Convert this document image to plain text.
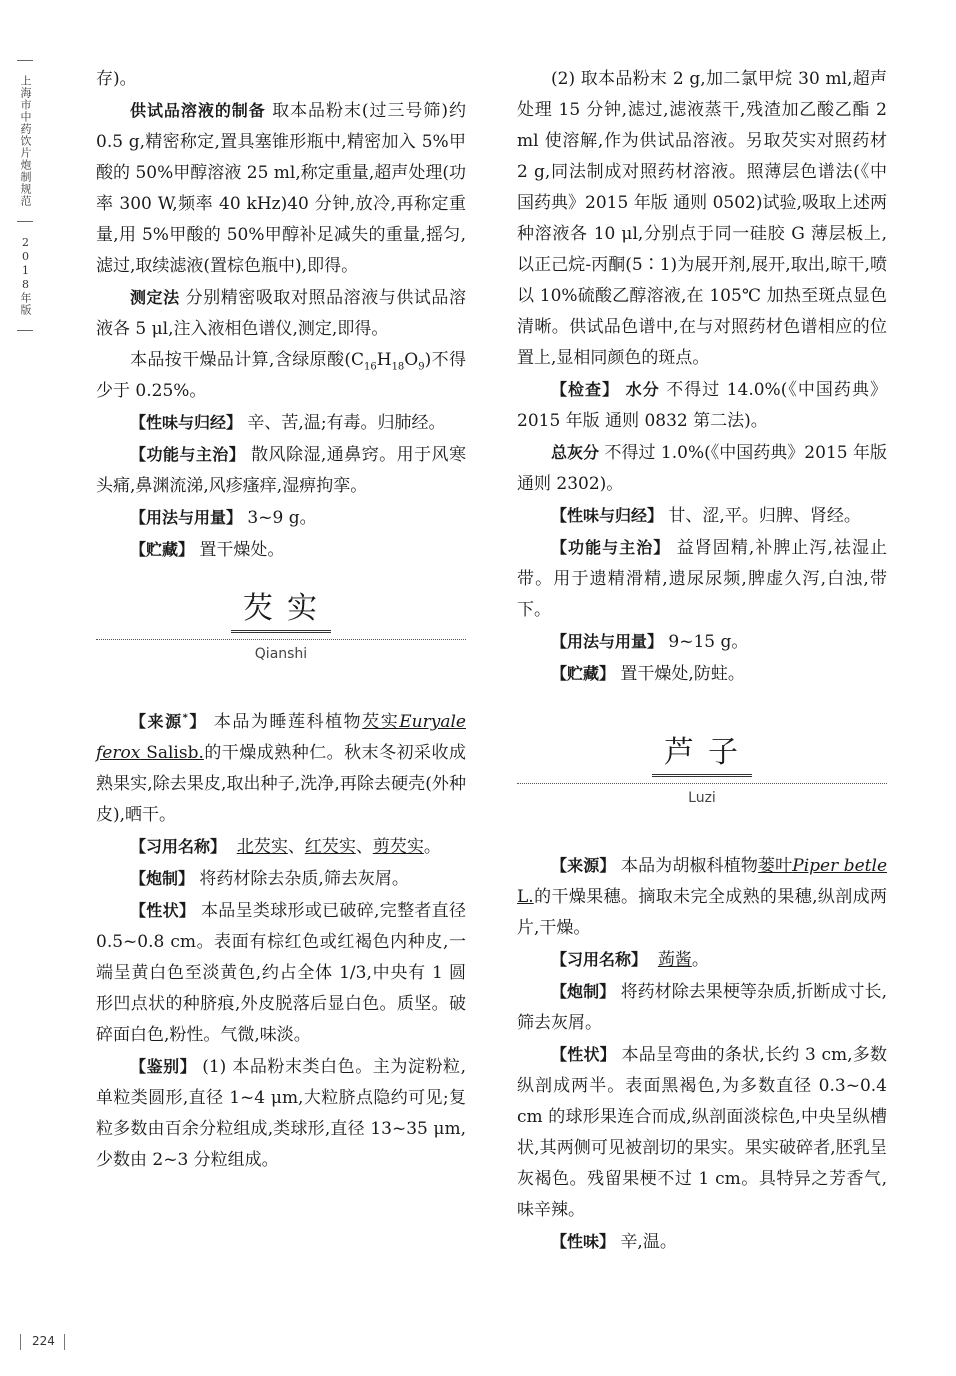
上海市中药饮片炮制规范
2018年版
224

存)。

供试品溶液的制备 取本品粉末(过三号筛)约 0.5 g,精密称定,置具塞锥形瓶中,精密加入 5%甲酸的 50%甲醇溶液 25 ml,称定重量,超声处理(功率 300 W,频率 40 kHz)40 分钟,放冷,再称定重量,用 5%甲酸的 50%甲醇补足减失的重量,摇匀,滤过,取续滤液(置棕色瓶中),即得。

测定法 分别精密吸取对照品溶液与供试品溶液各 5 μl,注入液相色谱仪,测定,即得。

本品按干燥品计算,含绿原酸$(C_{16}H_{18}O_9)$不得少于 0.25%。

【性味与归经】 辛、苦,温;有毒。归肺经。

【功能与主治】 散风除湿,通鼻窍。用于风寒头痛,鼻渊流涕,风疹瘙痒,湿痹拘挛。

【用法与用量】 3~9 g。

【贮藏】 置干燥处。

芡实
Qianshi

【来源*】 本品为睡莲科植物芡实Euryale ferox Salisb.的干燥成熟种仁。秋末冬初采收成熟果实,除去果皮,取出种子,洗净,再除去硬壳(外种皮),晒干。

【习用名称】 北芡实、红芡实、剪芡实。

【炮制】 将药材除去杂质,筛去灰屑。

【性状】 本品呈类球形或已破碎,完整者直径 0.5~0.8 cm。表面有棕红色或红褐色内种皮,一端呈黄白色至淡黄色,约占全体 1/3,中央有 1 圆形凹点状的种脐痕,外皮脱落后显白色。质坚。破碎面白色,粉性。气微,味淡。

【鉴别】 (1) 本品粉末类白色。主为淀粉粒,单粒类圆形,直径 1~4 μm,大粒脐点隐约可见;复粒多数由百余分粒组成,类球形,直径 13~35 μm,少数由 2~3 分粒组成。

(2) 取本品粉末 2 g,加二氯甲烷 30 ml,超声处理 15 分钟,滤过,滤液蒸干,残渣加乙酸乙酯 2 ml 使溶解,作为供试品溶液。另取芡实对照药材 2 g,同法制成对照药材溶液。照薄层色谱法(《中国药典》2015 年版 通则 0502)试验,吸取上述两种溶液各 10 μl,分别点于同一硅胶 G 薄层板上,以正己烷-丙酮(5∶1)为展开剂,展开,取出,晾干,喷以 10%硫酸乙醇溶液,在 105℃ 加热至斑点显色清晰。供试品色谱中,在与对照药材色谱相应的位置上,显相同颜色的斑点。

【检查】 水分 不得过 14.0%(《中国药典》2015 年版 通则 0832 第二法)。

总灰分 不得过 1.0%(《中国药典》2015 年版 通则 2302)。

【性味与归经】 甘、涩,平。归脾、肾经。

【功能与主治】 益肾固精,补脾止泻,祛湿止带。用于遗精滑精,遗尿尿频,脾虚久泻,白浊,带下。

【用法与用量】 9~15 g。

【贮藏】 置干燥处,防蛀。

芦子
Luzi

【来源】 本品为胡椒科植物蒌叶Piper betle L.的干燥果穗。摘取未完全成熟的果穗,纵剖成两片,干燥。

【习用名称】 蒟酱。

【炮制】 将药材除去果梗等杂质,折断成寸长,筛去灰屑。

【性状】 本品呈弯曲的条状,长约 3 cm,多数纵剖成两半。表面黑褐色,为多数直径 0.3~0.4 cm 的球形果连合而成,纵剖面淡棕色,中央呈纵槽状,其两侧可见被剖切的果实。果实破碎者,胚乳呈灰褐色。残留果梗不过 1 cm。具特异之芳香气,味辛辣。

【性味】 辛,温。
